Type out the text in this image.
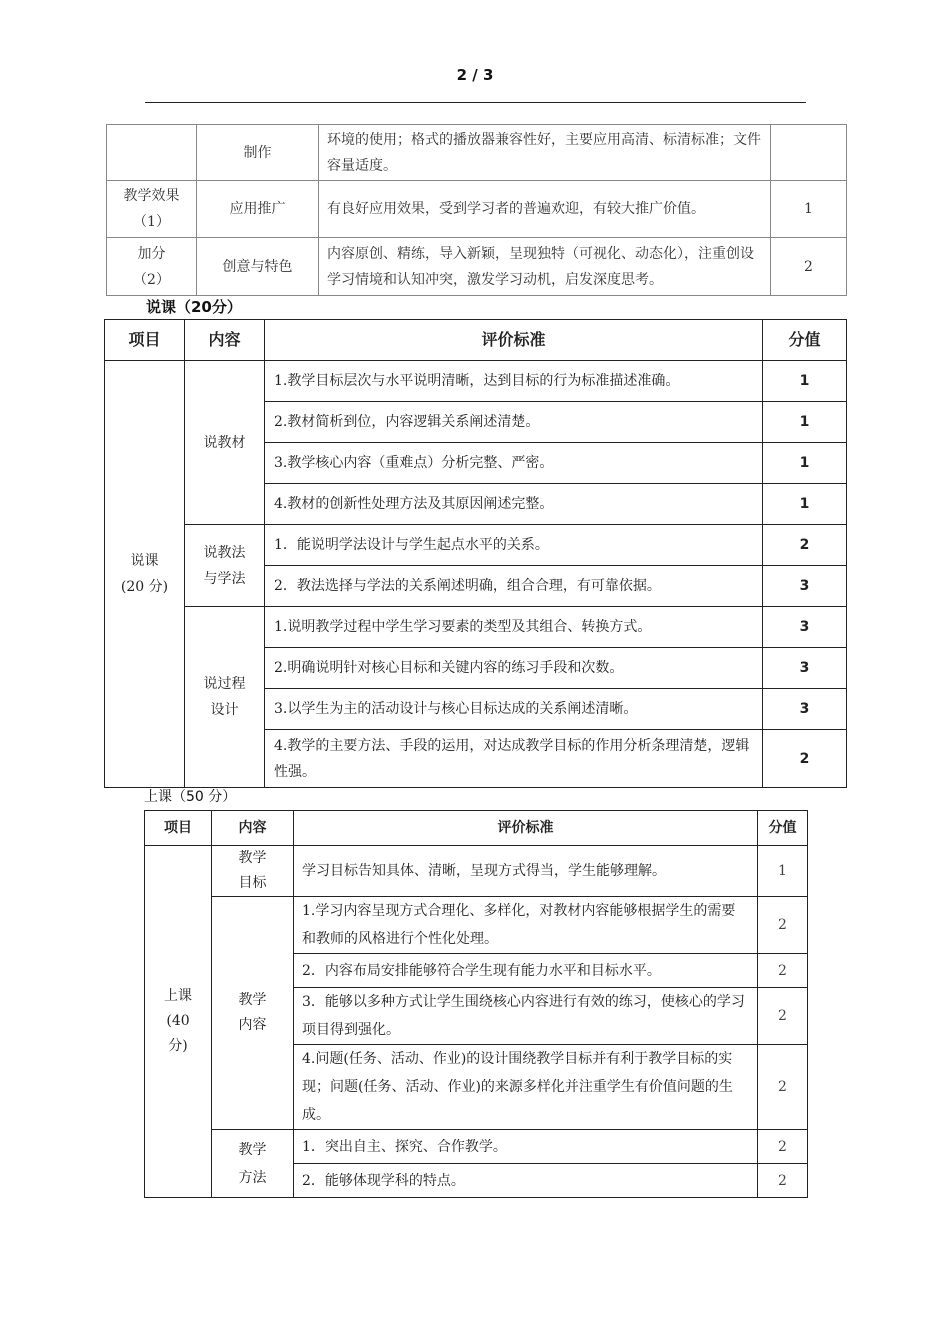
2 / 3
	制作	环境的使用；格式的播放器兼容性好，主要应用高清、标清标准；文件容量适度。	
教学效果
（1）	应用推广	有良好应用效果，受到学习者的普遍欢迎，有较大推广价值。	1
加分
（2）	创意与特色	内容原创、精练，导入新颖，呈现独特（可视化、动态化），注重创设学习情境和认知冲突，激发学习动机，启发深度思考。	2
说课（20分）
项目	内容	评价标准	分值
说课
(20 分)	说教材	1.教学目标层次与水平说明清晰，达到目标的行为标准描述准确。	1
		2.教材简析到位，内容逻辑关系阐述清楚。	1
		3.教学核心内容（重难点）分析完整、严密。	1
		4.教材的创新性处理方法及其原因阐述完整。	1
	说教法
与学法	1．能说明学法设计与学生起点水平的关系。	2
		2．教法选择与学法的关系阐述明确，组合合理，有可靠依据。	3
	说过程
设计	1.说明教学过程中学生学习要素的类型及其组合、转换方式。	3
		2.明确说明针对核心目标和关键内容的练习手段和次数。	3
		3.以学生为主的活动设计与核心目标达成的关系阐述清晰。	3
		4.教学的主要方法、手段的运用，对达成教学目标的作用分析条理清楚，逻辑性强。	2
上课（50 分）
项目	内容	评价标准	分值
上课
(40
分)	教学
目标	学习目标告知具体、清晰，呈现方式得当，学生能够理解。	1
	教学
内容	1.学习内容呈现方式合理化、多样化，对教材内容能够根据学生的需要和教师的风格进行个性化处理。	2
		2．内容布局安排能够符合学生现有能力水平和目标水平。	2
		3．能够以多种方式让学生围绕核心内容进行有效的练习，使核心的学习项目得到强化。	2
		4.问题(任务、活动、作业)的设计围绕教学目标并有利于教学目标的实现；问题(任务、活动、作业)的来源多样化并注重学生有价值问题的生成。	2
	教学
方法	1．突出自主、探究、合作教学。	2
		2．能够体现学科的特点。	2
